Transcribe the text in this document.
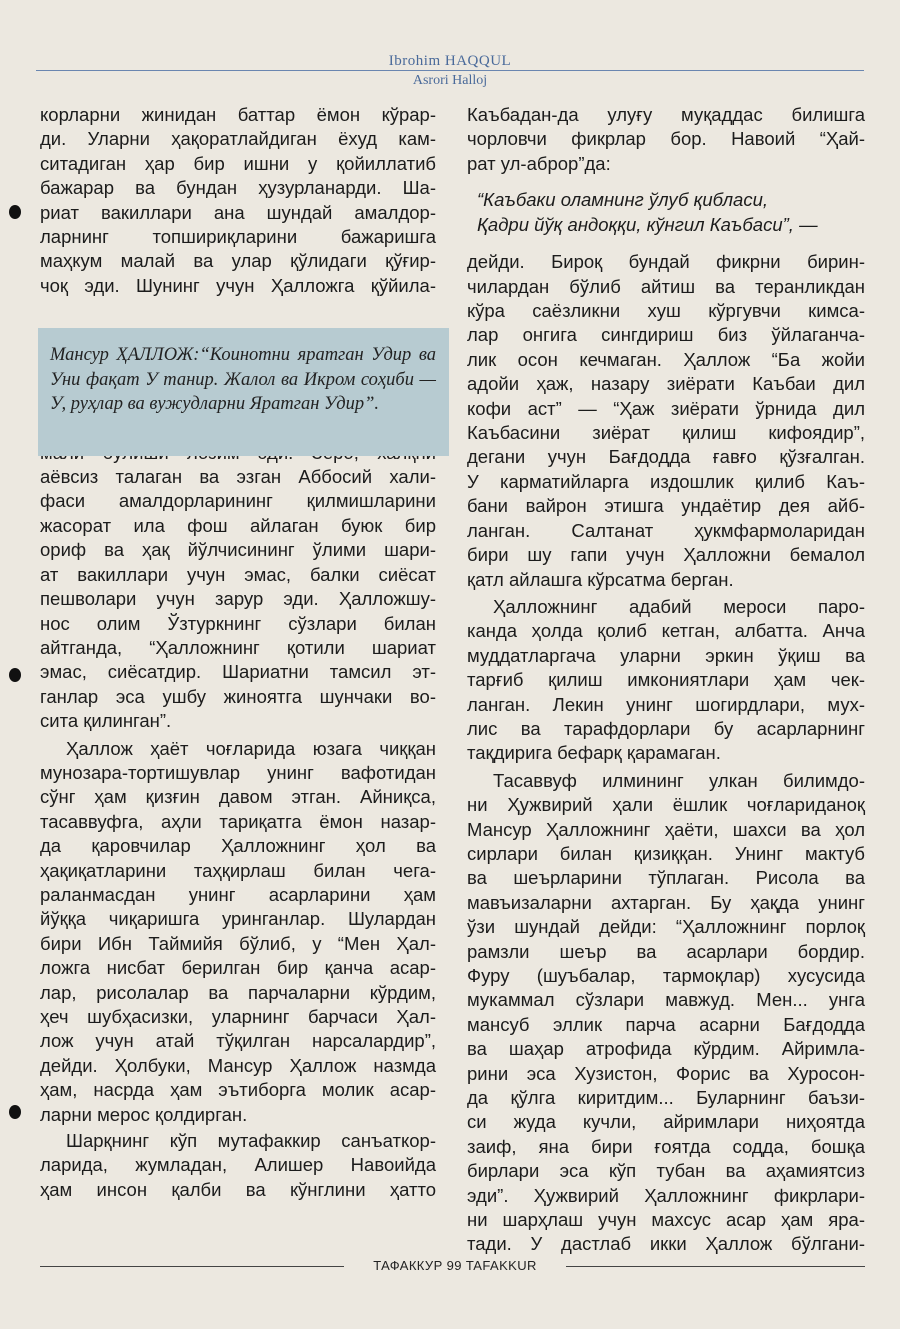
Ibrohim HAQQUL
Asrori Halloj
корларни жинидан баттар ёмон кўрар-
ди. Уларни ҳақоратлайдиган ёхуд кам-
ситадиган ҳар бир ишни у қойиллатиб
бажарар ва бундан ҳузурланарди. Ша-
риат вакиллари ана шундай амалдор-
ларнинг топшириқларини бажаришга
маҳкум малай ва улар қўлидаги қўғир-
чоқ эди. Шунинг учун Ҳалложга қўйила-
аёвсиз талаган ва эзган Аббосий хали-
фаси амалдорларининг қилмишларини
жасорат ила фош айлаган буюк бир
ориф ва ҳақ йўлчисининг ўлими шари-
ат вакиллари учун эмас, балки сиёсат
пешволари учун зарур эди. Ҳалложшу-
нос олим Ўзтуркнинг сўзлари билан
айтганда, “Ҳалложнинг қотили шариат
эмас, сиёсатдир. Шариатни тамсил эт-
ганлар эса ушбу жиноятга шунчаки во-
сита қилинган”.
Ҳаллож ҳаёт чоғларида юзага чиққан
мунозара-тортишувлар унинг вафотидан
сўнг ҳам қизғин давом этган. Айниқса,
тасаввуфга, аҳли тариқатга ёмон назар-
да қаровчилар Ҳалложнинг ҳол ва
ҳақиқатларини таҳқирлаш билан чега-
раланмасдан унинг асарларини ҳам
йўққа чиқаришга уринганлар. Шулардан
бири Ибн Таймийя бўлиб, у “Мен Ҳал-
ложга нисбат берилган бир қанча асар-
лар, рисолалар ва парчаларни кўрдим,
ҳеч шубҳасизки, уларнинг барчаси Ҳал-
лож учун атай тўқилган нарсалардир”,
дейди. Ҳолбуки, Мансур Ҳаллож назмда
ҳам, насрда ҳам эътиборга молик асар-
ларни мерос қолдирган.
Шарқнинг кўп мутафаккир санъаткор-
ларида, жумладан, Алишер Навоийда
ҳам инсон қалби ва кўнглини ҳатто
Мансур ҲАЛЛОЖ:“Коинотни яратган Удир ва Уни фақат У танир. Жалол ва Икром соҳиби — У, руҳлар ва вужудларни Яратган Удир”.
Каъбадан-да улуғу муқаддас билишга
чорловчи фикрлар бор. Навоий “Ҳай-
рат ул-аброр”да:
“Каъбаки оламнинг ўлуб қибласи,
Қадри йўқ андоққи, кўнгил Каъбаси”, —
дейди. Бироқ бундай фикрни бирин-
чилардан бўлиб айтиш ва теранликдан
кўра саёзликни хуш кўргувчи кимса-
лар онгига сингдириш биз ўйлаганча-
лик осон кечмаган. Ҳаллож “Ба жойи
адойи ҳаж, назару зиёрати Каъбаи дил
кофи аст” — “Ҳаж зиёрати ўрнида дил
Каъбасини зиёрат қилиш кифоядир”,
дегани учун Бағдодда ғавғо қўзғалган.
У карматийларга издошлик қилиб Каъ-
бани вайрон этишга ундаётир дея айб-
ланган. Салтанат ҳукмфармоларидан
бири шу гапи учун Ҳалложни бемалол
қатл айлашга кўрсатма берган.
Ҳалложнинг адабий мероси паро-
канда ҳолда қолиб кетган, албатта. Анча
муддатларгача уларни эркин ўқиш ва
тарғиб қилиш имкониятлари ҳам чек-
ланган. Лекин унинг шогирдлари, мух-
лис ва тарафдорлари бу асарларнинг
тақдирига бефарқ қарамаган.
Тасаввуф илмининг улкан билимдо-
ни Ҳужвирий ҳали ёшлик чоғлариданоқ
Мансур Ҳалложнинг ҳаёти, шахси ва ҳол
сирлари билан қизиққан. Унинг мактуб
ва шеърларини тўплаган. Рисола ва
мавъизаларни ахтарган. Бу ҳақда унинг
ўзи шундай дейди: “Ҳалложнинг порлоқ
рамзли шеър ва асарлари бордир.
Фуру (шуъбалар, тармоқлар) хусусида
мукаммал сўзлари мавжуд. Мен... унга
мансуб эллик парча асарни Бағдодда
ва шаҳар атрофида кўрдим. Айримла-
рини эса Хузистон, Форис ва Хуросон-
да қўлга киритдим... Буларнинг баъзи-
си жуда кучли, айримлари ниҳоятда
заиф, яна бири ғоятда содда, бошқа
бирлари эса кўп тубан ва аҳамиятсиз
эди”. Ҳужвирий Ҳалложнинг фикрлари-
ни шарҳлаш учун махсус асар ҳам яра-
тади. У дастлаб икки Ҳаллож бўлгани-
ТАФАККУР 99 TAFAKKUR
